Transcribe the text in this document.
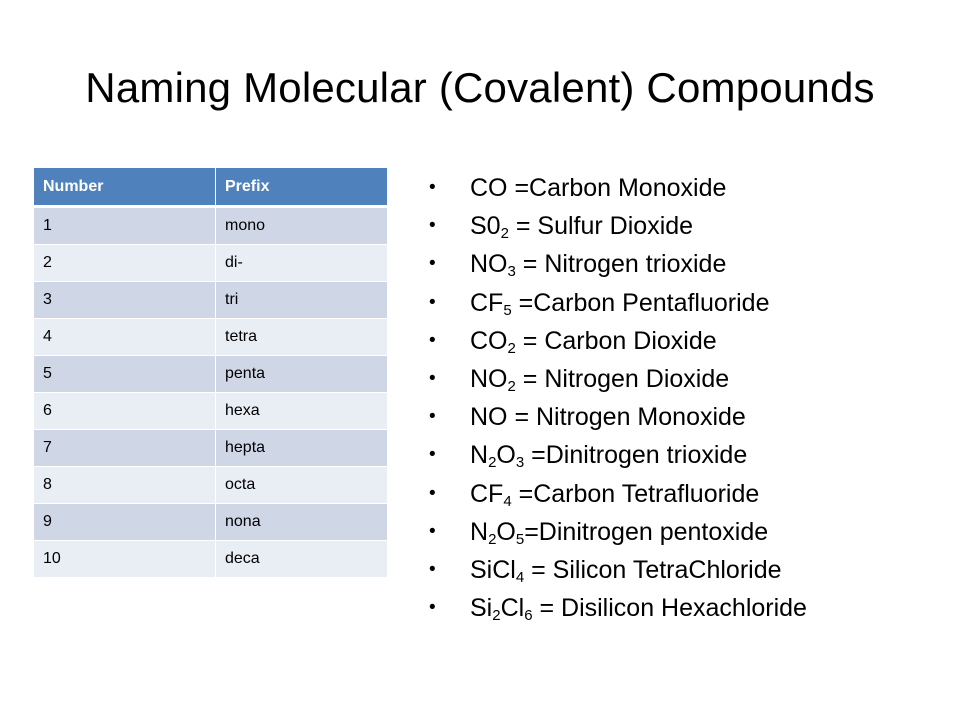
Naming Molecular (Covalent) Compounds
Number	Prefix
1	mono
2	di-
3	tri
4	tetra
5	penta
6	hexa
7	hepta
8	octa
9	nona
10	deca
• CO =Carbon Monoxide
• $S0_2$ = Sulfur Dioxide
• $NO_3$ = Nitrogen trioxide
• $CF_5$ =Carbon Pentafluoride
• $CO_2$ = Carbon Dioxide
• $NO_2$ = Nitrogen Dioxide
• NO = Nitrogen Monoxide
• $N_2O_3$ =Dinitrogen trioxide
• $CF_4$ =Carbon Tetrafluoride
• $N_2O_5=Dinitrogen$ pentoxide
• SiCl$_4$ = Silicon TetraChloride
• $Si_2Cl_6$ = Disilicon Hexachloride
